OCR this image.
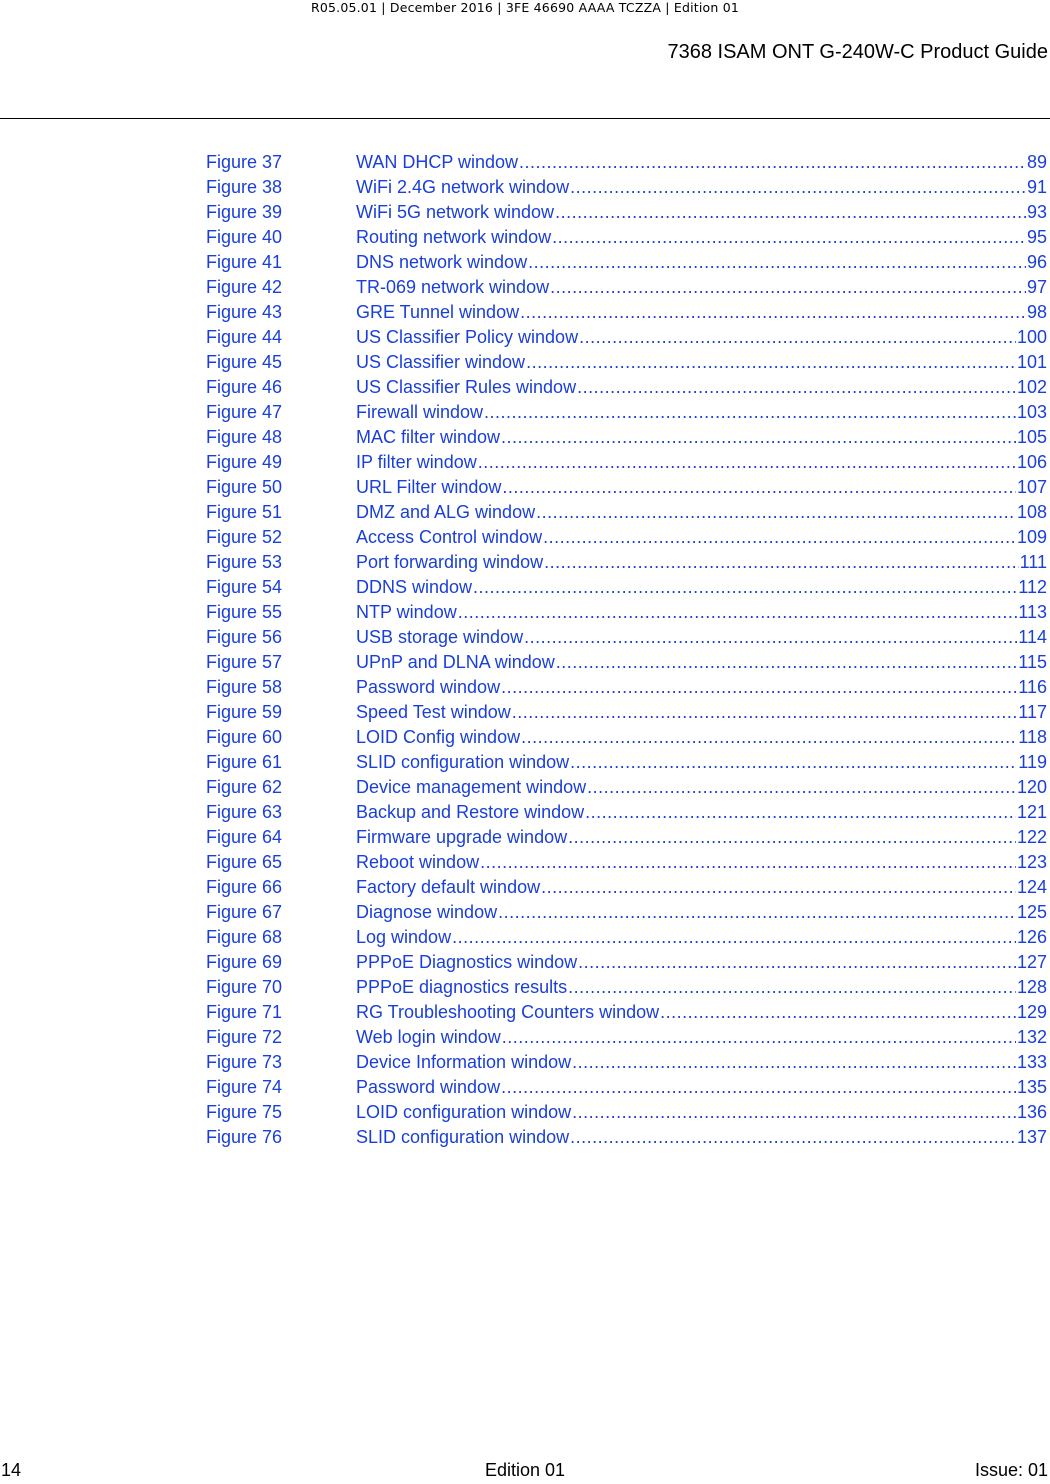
R05.05.01 | December 2016 | 3FE 46690 AAAA TCZZA | Edition 01
7368 ISAM ONT G-240W-C Product Guide
Figure 37	WAN DHCP window .....	89
Figure 38	WiFi 2.4G network window .....	91
Figure 39	WiFi 5G network window .....	93
Figure 40	Routing network window .....	95
Figure 41	DNS network window .....	96
Figure 42	TR-069 network window .....	97
Figure 43	GRE Tunnel window .....	98
Figure 44	US Classifier Policy window .....	100
Figure 45	US Classifier window .....	101
Figure 46	US Classifier Rules window .....	102
Figure 47	Firewall window .....	103
Figure 48	MAC filter window .....	105
Figure 49	IP filter window .....	106
Figure 50	URL Filter window .....	107
Figure 51	DMZ and ALG window .....	108
Figure 52	Access Control window .....	109
Figure 53	Port forwarding window .....	111
Figure 54	DDNS window .....	112
Figure 55	NTP window .....	113
Figure 56	USB storage window .....	114
Figure 57	UPnP and DLNA window .....	115
Figure 58	Password window .....	116
Figure 59	Speed Test window .....	117
Figure 60	LOID Config window .....	118
Figure 61	SLID configuration window .....	119
Figure 62	Device management window .....	120
Figure 63	Backup and Restore window .....	121
Figure 64	Firmware upgrade window .....	122
Figure 65	Reboot window .....	123
Figure 66	Factory default window .....	124
Figure 67	Diagnose window .....	125
Figure 68	Log window .....	126
Figure 69	PPPoE Diagnostics window .....	127
Figure 70	PPPoE diagnostics results .....	128
Figure 71	RG Troubleshooting Counters window .....	129
Figure 72	Web login window .....	132
Figure 73	Device Information window .....	133
Figure 74	Password window .....	135
Figure 75	LOID configuration window .....	136
Figure 76	SLID configuration window .....	137
14	Edition 01	Issue: 01
